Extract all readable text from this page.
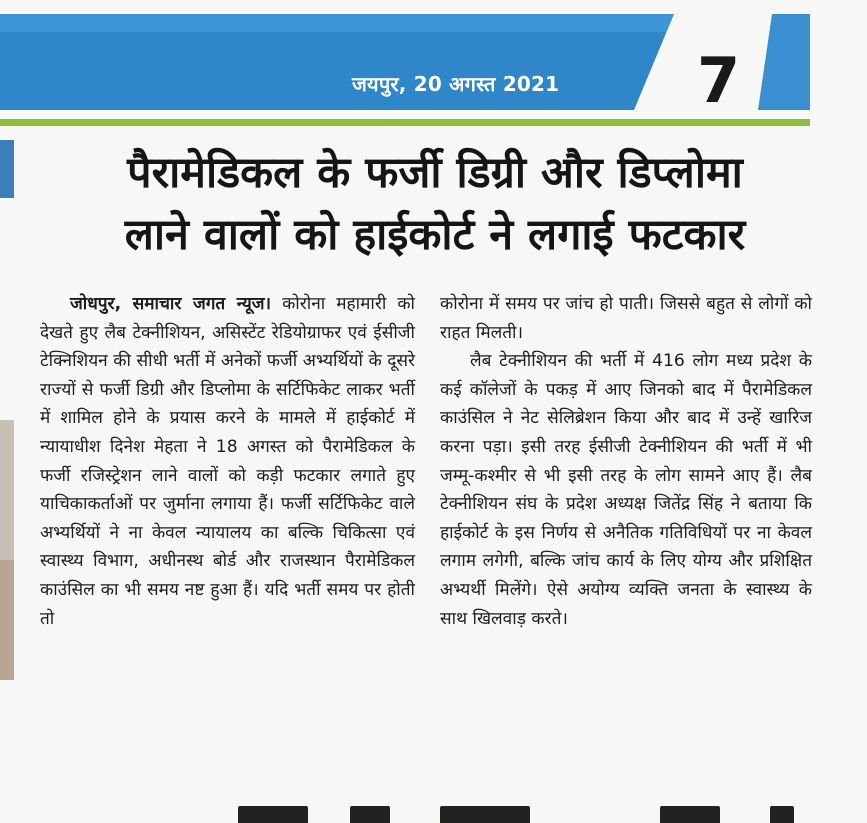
जयपुर, 20 अगस्त 2021 7
पैरामेडिकल के फर्जी डिग्री और डिप्लोमा
लाने वालों को हाईकोर्ट ने लगाई फटकार

जोधपुर, समाचार जगत न्यूज। कोरोना महामारी को देखते हुए लैब टेक्नीशियन, असिस्टेंट रेडियोग्राफर एवं ईसीजी टेक्निशियन की सीधी भर्ती में अनेकों फर्जी अभ्यर्थियों के दूसरे राज्यों से फर्जी डिग्री और डिप्लोमा के सर्टिफिकेट लाकर भर्ती में शामिल होने के प्रयास करने के मामले में हाईकोर्ट में न्यायाधीश दिनेश मेहता ने 18 अगस्त को पैरामेडिकल के फर्जी रजिस्ट्रेशन लाने वालों को कड़ी फटकार लगाते हुए याचिकाकर्ताओं पर जुर्माना लगाया हैं। फर्जी सर्टिफिकेट वाले अभ्यर्थियों ने ना केवल न्यायालय का बल्कि चिकित्सा एवं स्वास्थ्य विभाग, अधीनस्थ बोर्ड और राजस्थान पैरामेडिकल काउंसिल का भी समय नष्ट हुआ हैं। यदि भर्ती समय पर होती तो

कोरोना में समय पर जांच हो पाती। जिससे बहुत से लोगों को राहत मिलती।

लैब टेक्नीशियन की भर्ती में 416 लोग मध्य प्रदेश के कई कॉलेजों के पकड़ में आए जिनको बाद में पैरामेडिकल काउंसिल ने नेट सेलिब्रेशन किया और बाद में उन्हें खारिज करना पड़ा। इसी तरह ईसीजी टेक्नीशियन की भर्ती में भी जम्मू-कश्मीर से भी इसी तरह के लोग सामने आए हैं। लैब टेक्नीशियन संघ के प्रदेश अध्यक्ष जितेंद्र सिंह ने बताया कि हाईकोर्ट के इस निर्णय से अनैतिक गतिविधियों पर ना केवल लगाम लगेगी, बल्कि जांच कार्य के लिए योग्य और प्रशिक्षित अभ्यर्थी मिलेंगे। ऐसे अयोग्य व्यक्ति जनता के स्वास्थ्य के साथ खिलवाड़ करते।
